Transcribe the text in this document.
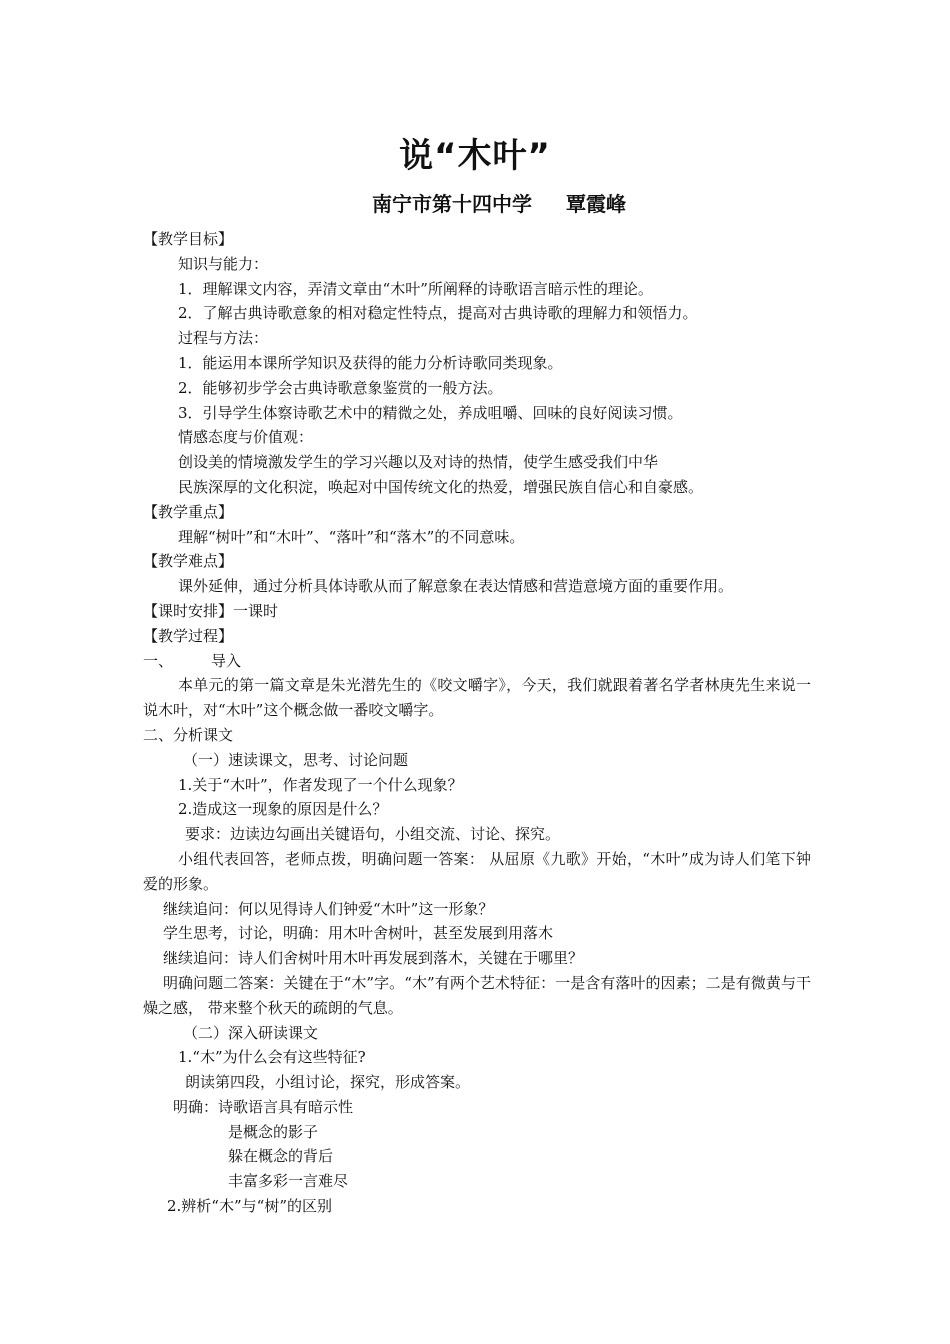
说“木叶”
南宁市第十四中学 覃霞峰
【教学目标】
知识与能力：
1．理解课文内容，弄清文章由“木叶”所阐释的诗歌语言暗示性的理论。
2．了解古典诗歌意象的相对稳定性特点，提高对古典诗歌的理解力和领悟力。
过程与方法：
1．能运用本课所学知识及获得的能力分析诗歌同类现象。
2．能够初步学会古典诗歌意象鉴赏的一般方法。
3．引导学生体察诗歌艺术中的精微之处，养成咀嚼、回味的良好阅读习惯。
情感态度与价值观：
创设美的情境激发学生的学习兴趣以及对诗的热情，使学生感受我们中华
民族深厚的文化积淀，唤起对中国传统文化的热爱，增强民族自信心和自豪感。
【教学重点】
理解“树叶”和“木叶”、“落叶”和“落木”的不同意味。
【教学难点】
课外延伸，通过分析具体诗歌从而了解意象在表达情感和营造意境方面的重要作用。
【课时安排】一课时
【教学过程】
一、	导入
本单元的第一篇文章是朱光潜先生的《咬文嚼字》，今天，我们就跟着著名学者林庚先生来说一说木叶，对“木叶”这个概念做一番咬文嚼字。
二、分析课文
（一）速读课文，思考、讨论问题
1.关于“木叶”，作者发现了一个什么现象？
2.造成这一现象的原因是什么？
要求：边读边勾画出关键语句，小组交流、讨论、探究。
小组代表回答，老师点拨，明确问题一答案： 从屈原《九歌》开始，“木叶”成为诗人们笔下钟爱的形象。
继续追问：何以见得诗人们钟爱“木叶”这一形象？
学生思考，讨论，明确：用木叶舍树叶，甚至发展到用落木
继续追问：诗人们舍树叶用木叶再发展到落木，关键在于哪里？
明确问题二答案：关键在于“木”字。“木”有两个艺术特征：一是含有落叶的因素；二是有微黄与干燥之感， 带来整个秋天的疏朗的气息。
（二）深入研读课文
1.“木”为什么会有这些特征?
朗读第四段，小组讨论，探究，形成答案。
明确：诗歌语言具有暗示性
是概念的影子
躲在概念的背后
丰富多彩一言难尽
2.辨析“木”与“树”的区别
